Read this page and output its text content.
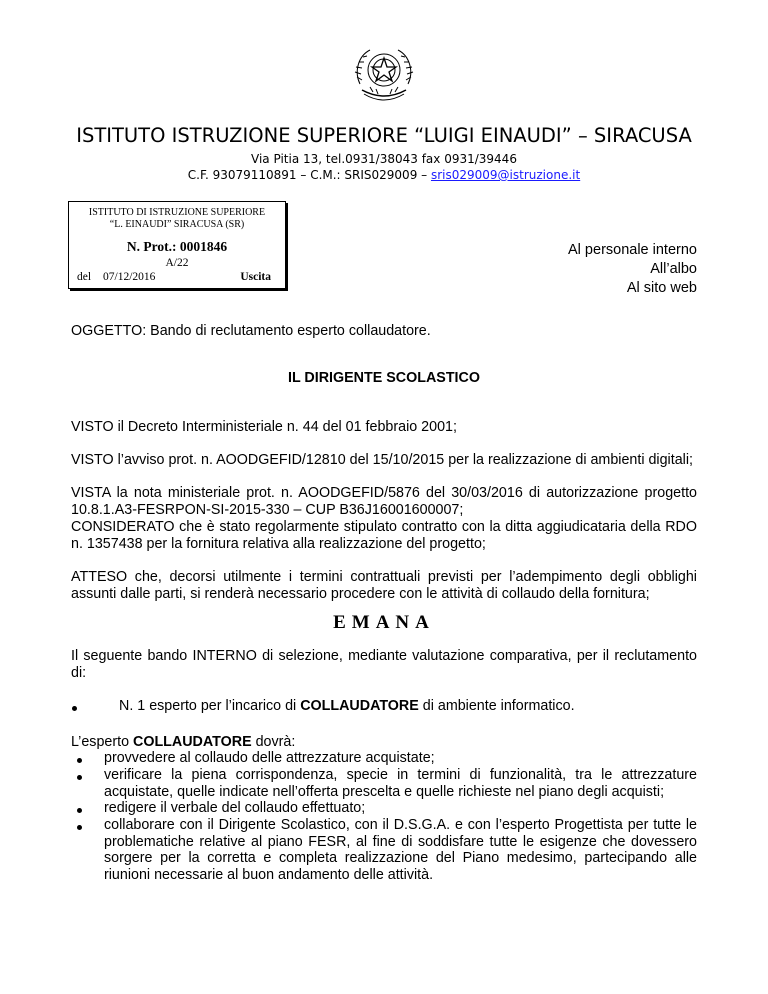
ISTITUTO ISTRUZIONE SUPERIORE “LUIGI EINAUDI” – SIRACUSA
Via Pitia 13, tel.0931/38043 fax 0931/39446
C.F. 93079110891 – C.M.: SRIS029009 – sris029009@istruzione.it
ISTITUTO DI ISTRUZIONE SUPERIORE
“L. EINAUDI” SIRACUSA (SR)
N. Prot.: 0001846
A/22
del 07/12/2016	Uscita
Al personale interno
All’albo
Al sito web
OGGETTO: Bando di reclutamento esperto collaudatore.
IL DIRIGENTE SCOLASTICO
VISTO il Decreto Interministeriale n. 44 del 01 febbraio 2001;
VISTO l’avviso prot. n. AOODGEFID/12810 del 15/10/2015 per la realizzazione di ambienti digitali;
VISTA la nota ministeriale prot. n. AOODGEFID/5876 del 30/03/2016 di autorizzazione progetto 10.8.1.A3-FESRPON-SI-2015-330 – CUP B36J16001600007;
CONSIDERATO che è stato regolarmente stipulato contratto con la ditta aggiudicataria della RDO n. 1357438 per la fornitura relativa alla realizzazione del progetto;
ATTESO che, decorsi utilmente i termini contrattuali previsti per l’adempimento degli obblighi assunti dalle parti, si renderà necessario procedere con le attività di collaudo della fornitura;
EMANA
Il seguente bando INTERNO di selezione, mediante valutazione comparativa, per il reclutamento di:
N. 1 esperto per l’incarico di COLLAUDATORE di ambiente informatico.
L’esperto COLLAUDATORE dovrà:
provvedere al collaudo delle attrezzature acquistate;
verificare la piena corrispondenza, specie in termini di funzionalità, tra le attrezzature acquistate, quelle indicate nell’offerta prescelta e quelle richieste nel piano degli acquisti;
redigere il verbale del collaudo effettuato;
collaborare con il Dirigente Scolastico, con il D.S.G.A. e con l’esperto Progettista per tutte le problematiche relative al piano FESR, al fine di soddisfare tutte le esigenze che dovessero sorgere per la corretta e completa realizzazione del Piano medesimo, partecipando alle riunioni necessarie al buon andamento delle attività.
